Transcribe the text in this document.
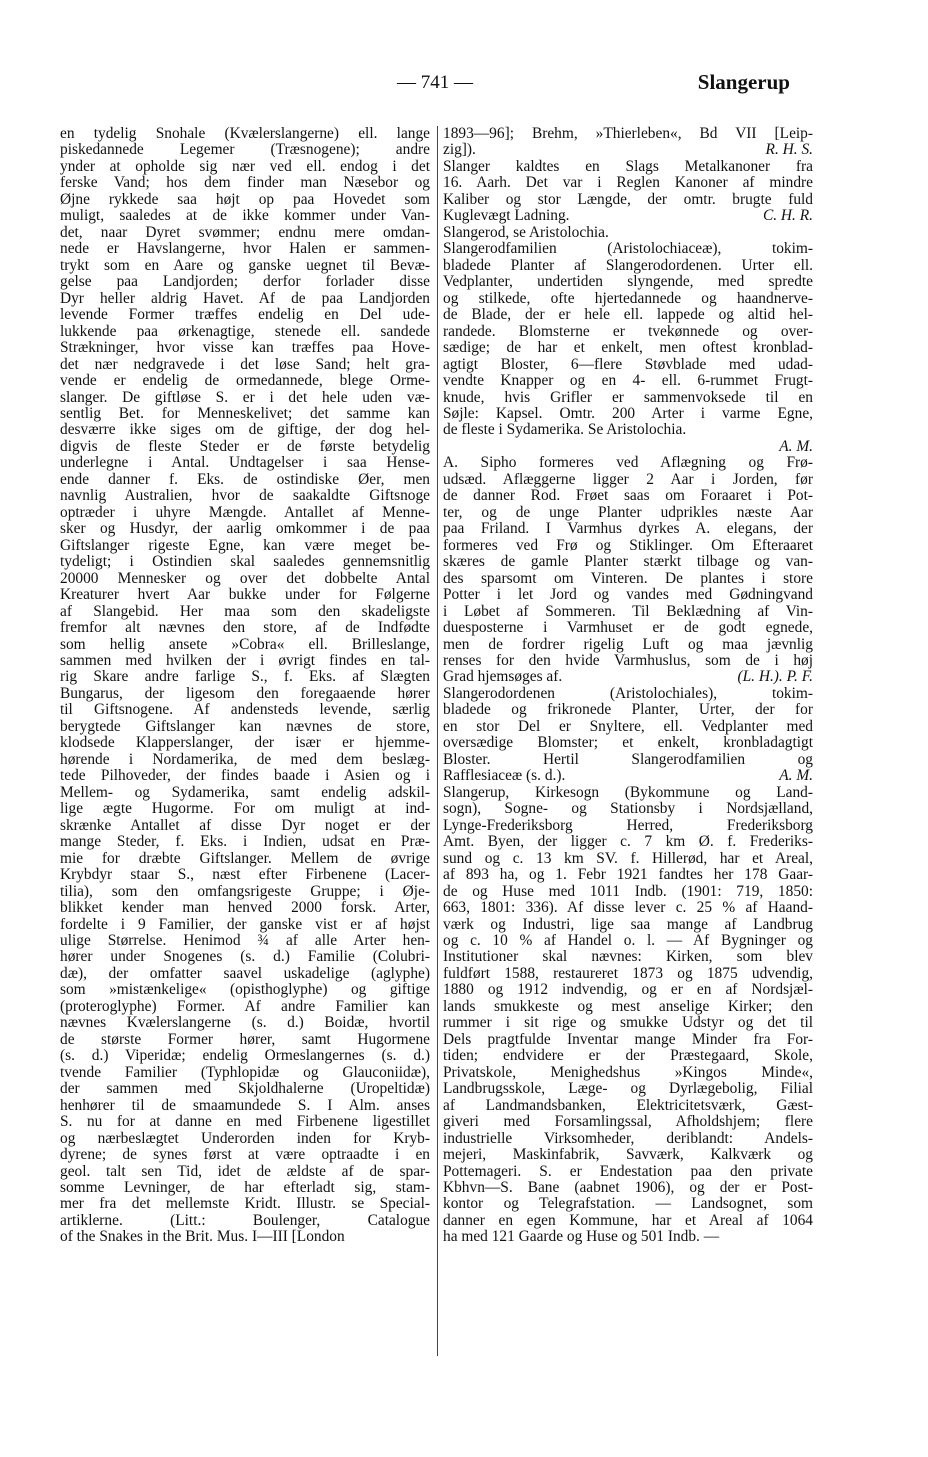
— 741 —	Slangerup
en tydelig Snohale (Kvælerslangerne) ell. lange
piskedannede Legemer (Træsnogene); andre
ynder at opholde sig nær ved ell. endog i det
ferske Vand; hos dem finder man Næsebor og
Øjne rykkede saa højt op paa Hovedet som
muligt, saaledes at de ikke kommer under Van-
det, naar Dyret svømmer; endnu mere omdan-
nede er Havslangerne, hvor Halen er sammen-
trykt som en Aare og ganske uegnet til Bevæ-
gelse paa Landjorden; derfor forlader disse
Dyr heller aldrig Havet. Af de paa Landjorden
levende Former træffes endelig en Del ude-
lukkende paa ørkenagtige, stenede ell. sandede
Strækninger, hvor visse kan træffes paa Hove-
det nær nedgravede i det løse Sand; helt gra-
vende er endelig de ormedannede, blege Orme-
slanger. De giftløse S. er i det hele uden væ-
sentlig Bet. for Menneskelivet; det samme kan
desværre ikke siges om de giftige, der dog hel-
digvis de fleste Steder er de første betydelig
underlegne i Antal. Undtagelser i saa Hense-
ende danner f. Eks. de ostindiske Øer, men
navnlig Australien, hvor de saakaldte Giftsnoge
optræder i uhyre Mængde. Antallet af Menne-
sker og Husdyr, der aarlig omkommer i de paa
Giftslanger rigeste Egne, kan være meget be-
tydeligt; i Ostindien skal saaledes gennemsnitlig
20000 Mennesker og over det dobbelte Antal
Kreaturer hvert Aar bukke under for Følgerne
af Slangebid. Her maa som den skadeligste
fremfor alt nævnes den store, af de Indfødte
som hellig ansete »Cobra« ell. Brilleslange,
sammen med hvilken der i øvrigt findes en tal-
rig Skare andre farlige S., f. Eks. af Slægten
Bungarus, der ligesom den foregaaende hører
til Giftsnogene. Af andensteds levende, særlig
berygtede Giftslanger kan nævnes de store,
klodsede Klapperslanger, der især er hjemme-
hørende i Nordamerika, de med dem beslæg-
tede Pilhoveder, der findes baade i Asien og i
Mellem- og Sydamerika, samt endelig adskil-
lige ægte Hugorme. For om muligt at ind-
skrænke Antallet af disse Dyr noget er der
mange Steder, f. Eks. i Indien, udsat en Præ-
mie for dræbte Giftslanger. Mellem de øvrige
Krybdyr staar S., næst efter Firbenene (Lacer-
tilia), som den omfangsrigeste Gruppe; i Øje-
blikket kender man henved 2000 forsk. Arter,
fordelte i 9 Familier, der ganske vist er af højst
ulige Størrelse. Henimod ¾ af alle Arter hen-
hører under Snogenes (s. d.) Familie (Colubri-
dæ), der omfatter saavel uskadelige (aglyphe)
som »mistænkelige« (opisthoglyphe) og giftige
(proteroglyphe) Former. Af andre Familier kan
nævnes Kvælerslangerne (s. d.) Boidæ, hvortil
de største Former hører, samt Hugormene
(s. d.) Viperidæ; endelig Ormeslangernes (s. d.)
tvende Familier (Typhlopidæ og Glauconiidæ),
der sammen med Skjoldhalerne (Uropeltidæ)
henhører til de smaamundede S. I Alm. anses
S. nu for at danne en med Firbenene ligestillet
og nærbeslægtet Underorden inden for Kryb-
dyrene; de synes først at være optraadte i en
geol. talt sen Tid, idet de ældste af de spar-
somme Levninger, de har efterladt sig, stam-
mer fra det mellemste Kridt. Illustr. se Special-
artiklerne. (Litt.: Boulenger, Catalogue
of the Snakes in the Brit. Mus. I—III [London
1893—96]; Brehm, »Thierleben«, Bd VII [Leip-
zig]).	R. H. S.
Slanger kaldtes en Slags Metalkanoner fra
16. Aarh. Det var i Reglen Kanoner af mindre
Kaliber og stor Længde, der omtr. brugte fuld
Kuglevægt Ladning.	C. H. R.
Slangerod, se Aristolochia.
Slangerodfamilien (Aristolochiaceæ), tokim-
bladede Planter af Slangerodordenen. Urter ell.
Vedplanter, undertiden slyngende, med spredte
og stilkede, ofte hjertedannede og haandnerve-
de Blade, der er hele ell. lappede og altid hel-
randede. Blomsterne er tvekønnede og over-
sædige; de har et enkelt, men oftest kronblad-
agtigt Bloster, 6—flere Støvblade med udad-
vendte Knapper og en 4- ell. 6-rummet Frugt-
knude, hvis Grifler er sammenvoksede til en
Søjle: Kapsel. Omtr. 200 Arter i varme Egne,
de fleste i Sydamerika. Se Aristolochia.
A. M.
A. Sipho formeres ved Aflægning og Frø-
udsæd. Aflæggerne ligger 2 Aar i Jorden, før
de danner Rod. Frøet saas om Foraaret i Pot-
ter, og de unge Planter udprikles næste Aar
paa Friland. I Varmhus dyrkes A. elegans, der
formeres ved Frø og Stiklinger. Om Efteraaret
skæres de gamle Planter stærkt tilbage og van-
des sparsomt om Vinteren. De plantes i store
Potter i let Jord og vandes med Gødningvand
i Løbet af Sommeren. Til Beklædning af Vin-
duesposterne i Varmhuset er de godt egnede,
men de fordrer rigelig Luft og maa jævnlig
renses for den hvide Varmhuslus, som de i høj
Grad hjemsøges af.	(L. H.). P. F.
Slangerodordenen (Aristolochiales), tokim-
bladede og frikronede Planter, Urter, der for
en stor Del er Snyltere, ell. Vedplanter med
oversædige Blomster; et enkelt, kronbladagtigt
Bloster. Hertil Slangerodfamilien og
Rafflesiaceæ (s. d.).	A. M.
Slangerup, Kirkesogn (Bykommune og Land-
sogn), Sogne- og Stationsby i Nordsjælland,
Lynge-Frederiksborg Herred, Frederiksborg
Amt. Byen, der ligger c. 7 km Ø. f. Frederiks-
sund og c. 13 km SV. f. Hillerød, har et Areal,
af 893 ha, og 1. Febr 1921 fandtes her 178 Gaar-
de og Huse med 1011 Indb. (1901: 719, 1850:
663, 1801: 336). Af disse lever c. 25 % af Haand-
værk og Industri, lige saa mange af Landbrug
og c. 10 % af Handel o. l. — Af Bygninger og
Institutioner skal nævnes: Kirken, som blev
fuldført 1588, restaureret 1873 og 1875 udvendig,
1880 og 1912 indvendig, og er en af Nordsjæl-
lands smukkeste og mest anselige Kirker; den
rummer i sit rige og smukke Udstyr og det til
Dels pragtfulde Inventar mange Minder fra For-
tiden; endvidere er der Præstegaard, Skole,
Privatskole, Menighedshus »Kingos Minde«,
Landbrugsskole, Læge- og Dyrlægebolig, Filial
af Landmandsbanken, Elektricitetsværk, Gæst-
giveri med Forsamlingssal, Afholdshjem; flere
industrielle Virksomheder, deriblandt: Andels-
mejeri, Maskinfabrik, Savværk, Kalkværk og
Pottemageri. S. er Endestation paa den private
Kbhvn—S. Bane (aabnet 1906), og der er Post-
kontor og Telegrafstation. — Landsognet, som
danner en egen Kommune, har et Areal af 1064
ha med 121 Gaarde og Huse og 501 Indb. —
